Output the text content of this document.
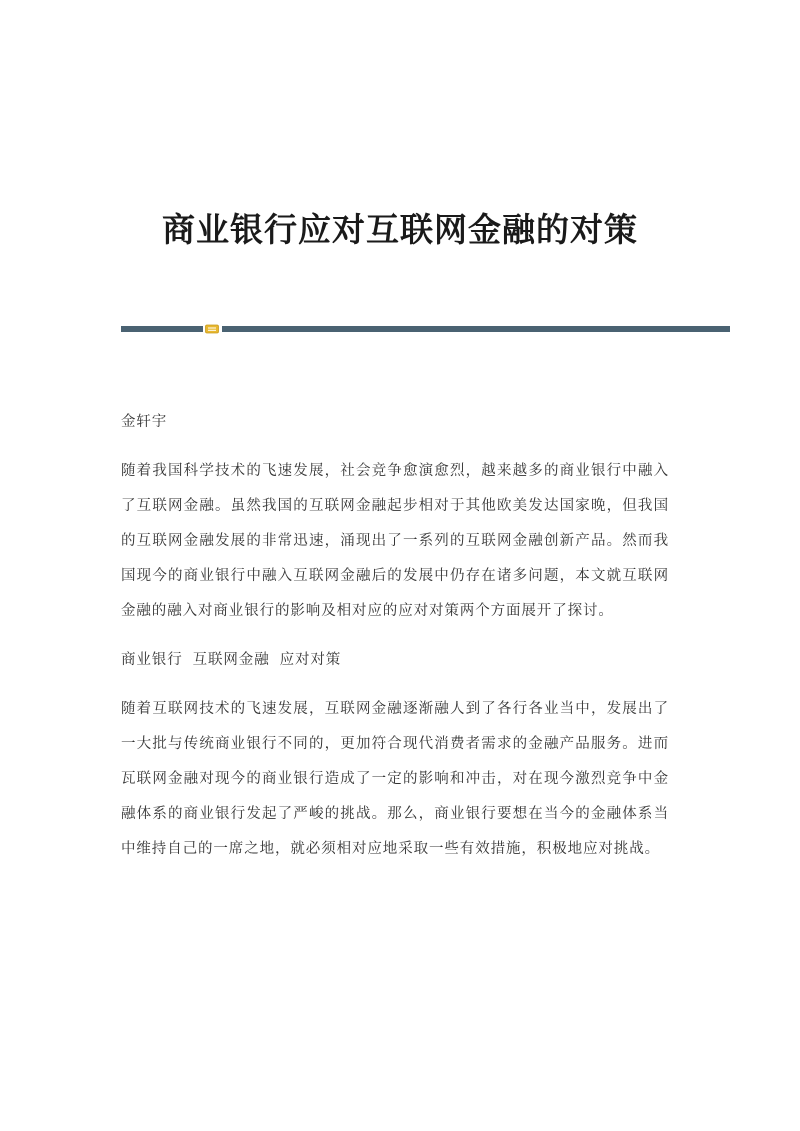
商业银行应对互联网金融的对策

金轩宇

随着我国科学技术的飞速发展，社会竞争愈演愈烈，越来越多的商业银行中融入了互联网金融。虽然我国的互联网金融起步相对于其他欧美发达国家晚，但我国的互联网金融发展的非常迅速，涌现出了一系列的互联网金融创新产品。然而我国现今的商业银行中融入互联网金融后的发展中仍存在诸多问题，本文就互联网金融的融入对商业银行的影响及相对应的应对对策两个方面展开了探讨。

商业银行 互联网金融 应对对策

随着互联网技术的飞速发展，互联网金融逐渐融人到了各行各业当中，发展出了一大批与传统商业银行不同的，更加符合现代消费者需求的金融产品服务。进而瓦联网金融对现今的商业银行造成了一定的影响和冲击，对在现今激烈竞争中金融体系的商业银行发起了严峻的挑战。那么，商业银行要想在当今的金融体系当中维持自己的一席之地，就必须相对应地采取一些有效措施，积极地应对挑战。
